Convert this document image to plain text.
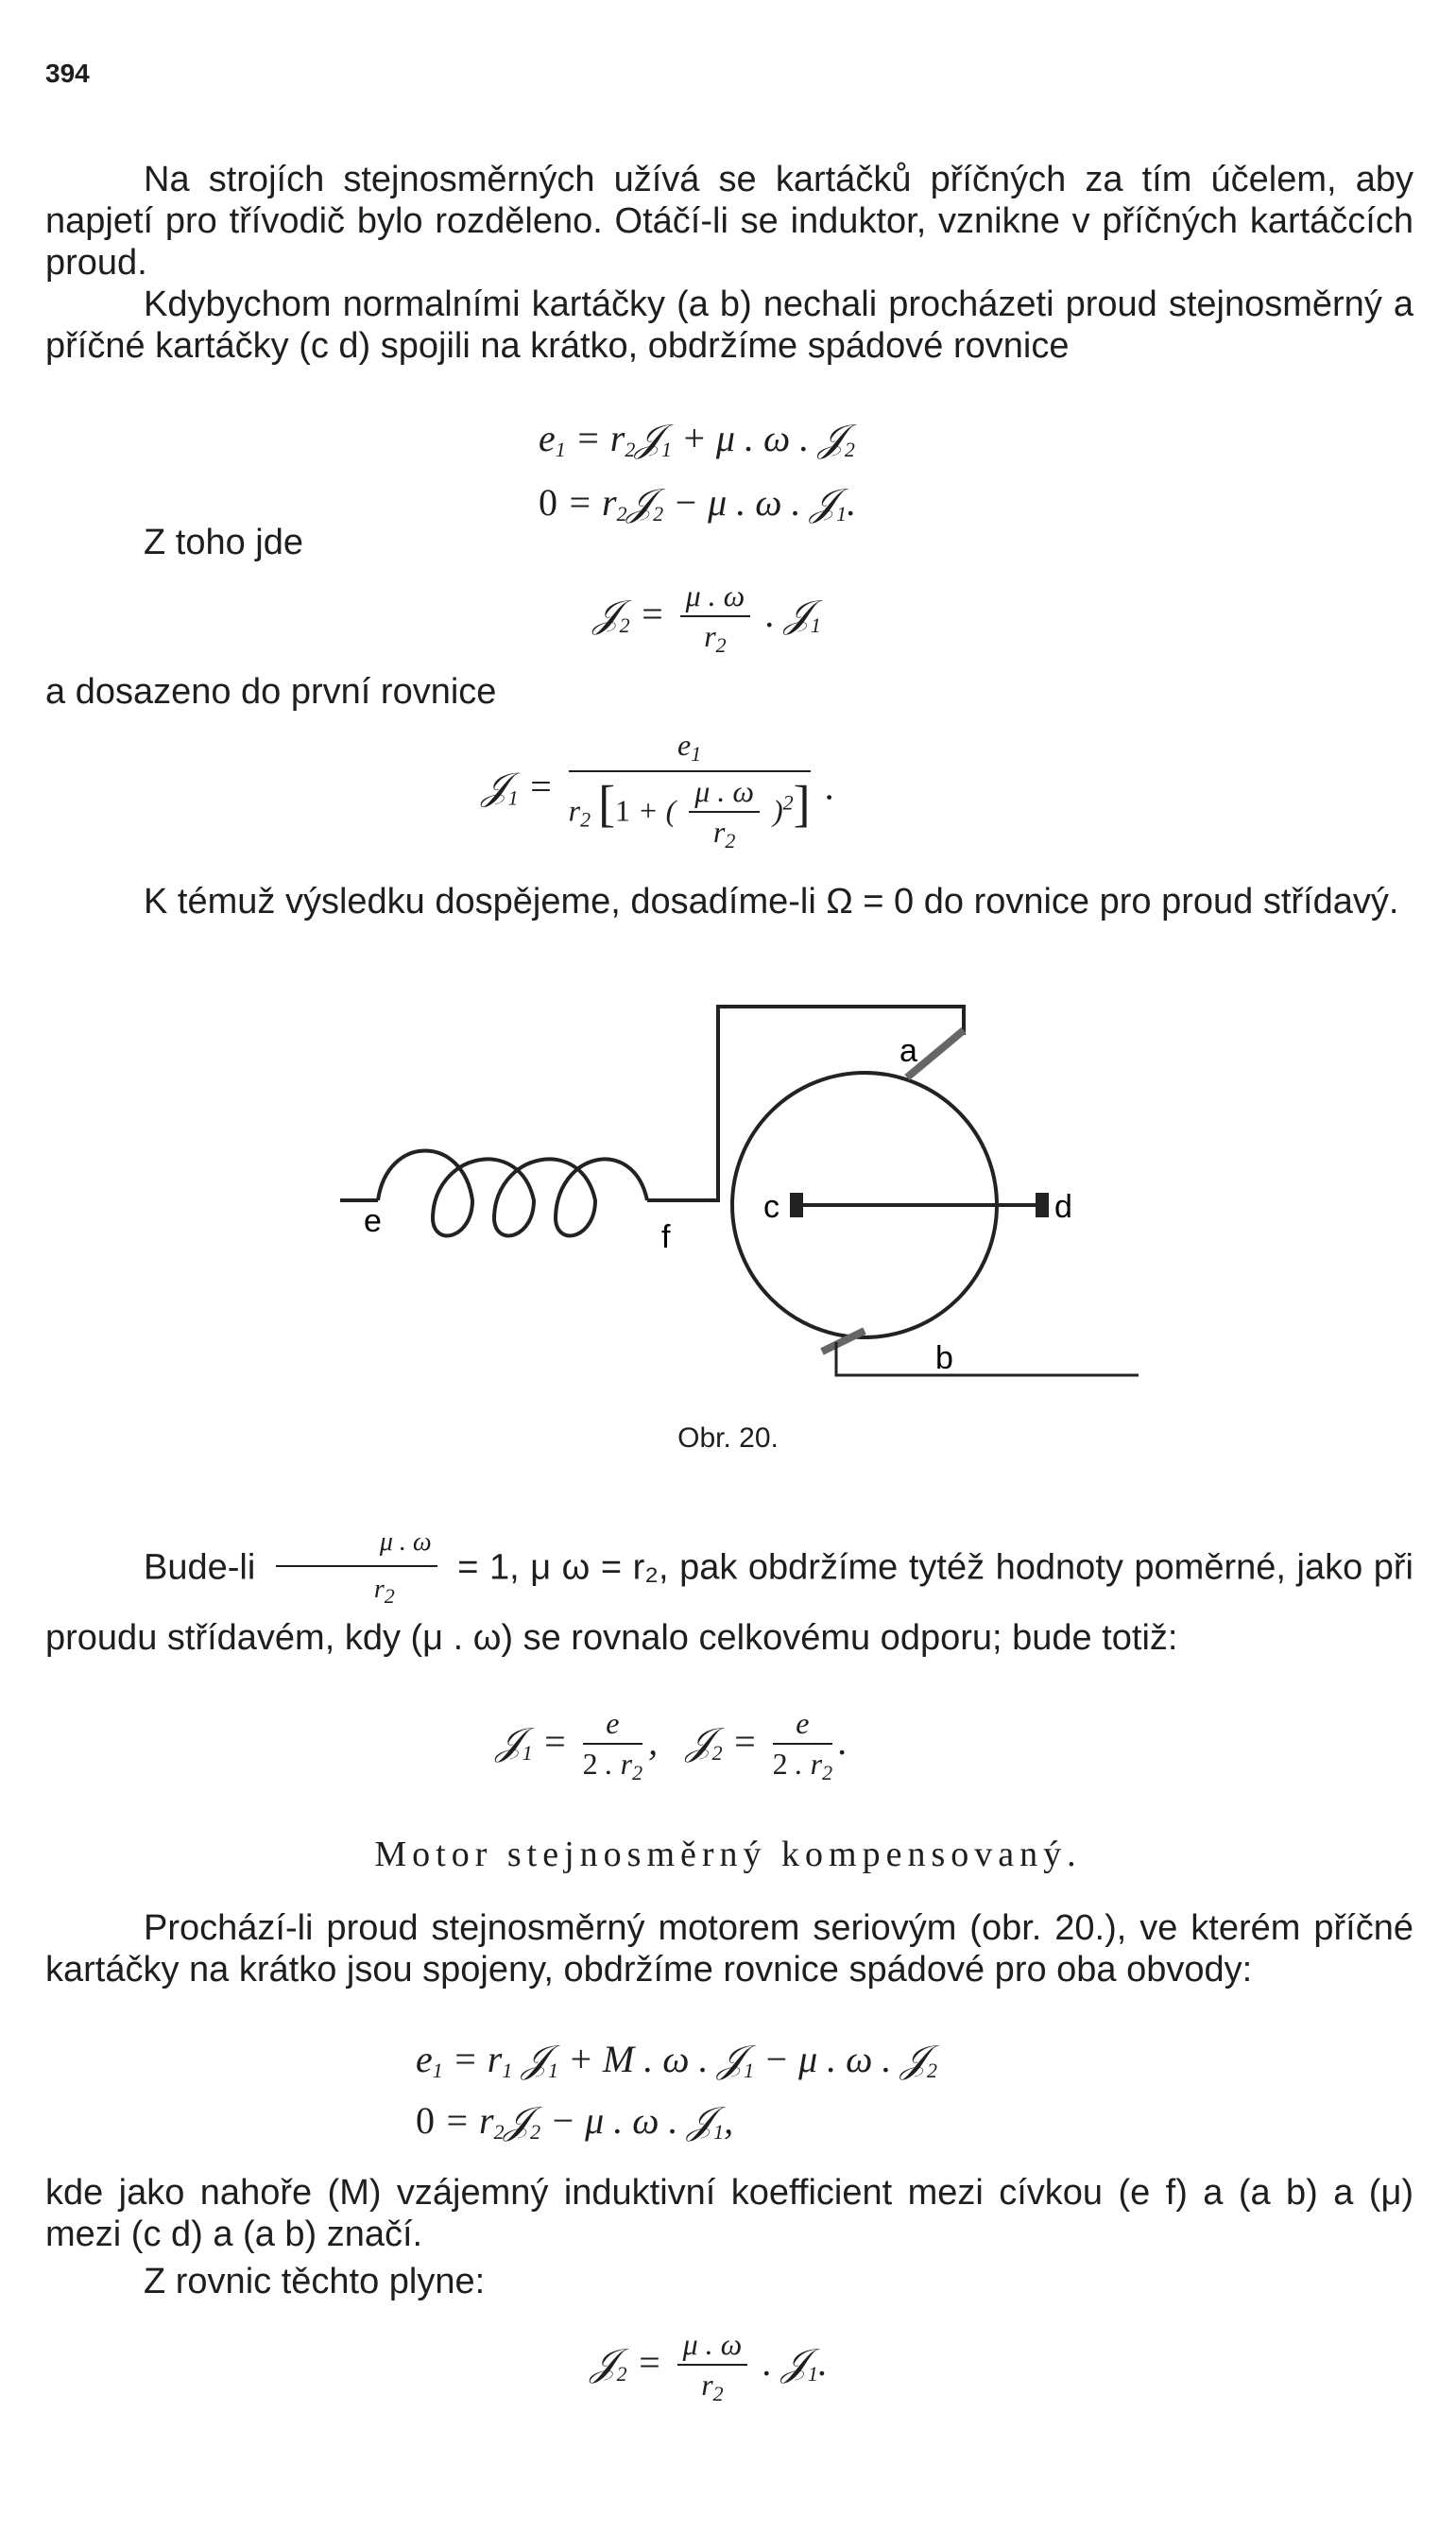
394
Na strojích stejnosměrných užívá se kartáčků příčných za tím účelem, aby napjetí pro třívodič bylo rozděleno. Otáčí-li se induktor, vznikne v příčných kartáčcích proud.
Kdybychom normalními kartáčky (a b) nechali procházeti proud stejnosměrný a příčné kartáčky (c d) spojili na krátko, obdržíme spádové rovnice
$e_1$ = $r_2𝒥_1 + \mu$ . ω . 𝒥$_2$
$0 = r_2𝒥_2 - \mu$ . ω . 𝒥$_1$.
Z toho jde
𝒥$_2$ = $\frac{\mu . \omega}{r_2}$ . 𝒥$_1$
a dosazeno do první rovnice
𝒥$_1$ = $\frac{e_1}{r_2 [1 + ( \frac{\mu . \omega}{r_2} )^2]}$ .
K témuž výsledku dospějeme, dosadíme-li Ω = 0 do rovnice pro proud střídavý.
a
c	d
b
e	f
Obr. 20.
Bude-li $\frac{\mu . \omega}{r_2} = 1$, μ ω = r₂, pak obdržíme tytéž hodnoty poměrné, jako při proudu střídavém, kdy (μ . ω) se rovnalo celkovému odporu; bude totiž:
𝒥$_1$ = $\frac{e}{2 . r_2}$ ,   𝒥$_2$ = $\frac{e}{2 . r_2}$ .
Motor stejnosměrný kompensovaný.
Prochází-li proud stejnosměrný motorem seriovým (obr. 20.), ve kterém příčné kartáčky na krátko jsou spojeny, obdržíme rovnice spádové pro oba obvody:
$e_1 = r_1$ 𝒥$_1$ + M . ω . 𝒥$_1$ − μ . ω . 𝒥$_2$
$0 = r_2𝒥_2 - \mu$ . ω . 𝒥$_1$,
kde jako nahoře (M) vzájemný induktivní koefficient mezi cívkou (e f) a (a b) a (μ) mezi (c d) a (a b) značí.
Z rovnic těchto plyne:
𝒥$_2$ = $\frac{\mu . \omega}{r_2}$ . 𝒥$_1$.
